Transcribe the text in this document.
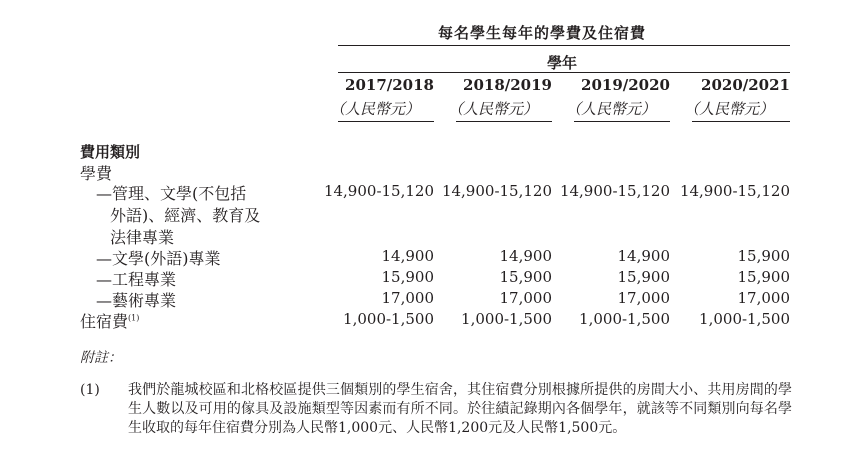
每名學生每年的學費及住宿費
學年
2017/2018	2018/2019	2019/2020	2020/2021
（人民幣元） （人民幣元） （人民幣元） （人民幣元）
費用類別
學費
—管理、文學(不包括
外語)、經濟、教育及
法律專業
14,900-15,120 14,900-15,120 14,900-15,120 14,900-15,120
—文學(外語)專業	14,900	14,900	14,900	15,900
—工程專業	15,900	15,900	15,900	15,900
—藝術專業	17,000	17,000	17,000	17,000
住宿費$^{(1)}$	1,000-1,500	1,000-1,500	1,000-1,500	1,000-1,500
附註：
(1) 我們於龍城校區和北格校區提供三個類別的學生宿舍，其住宿費分別根據所提供的房間大小、共用房間的學生人數以及可用的傢具及設施類型等因素而有所不同。於往績記錄期內各個學年，就該等不同類別向每名學生收取的每年住宿費分別為人民幣1,000元、人民幣1,200元及人民幣1,500元。
